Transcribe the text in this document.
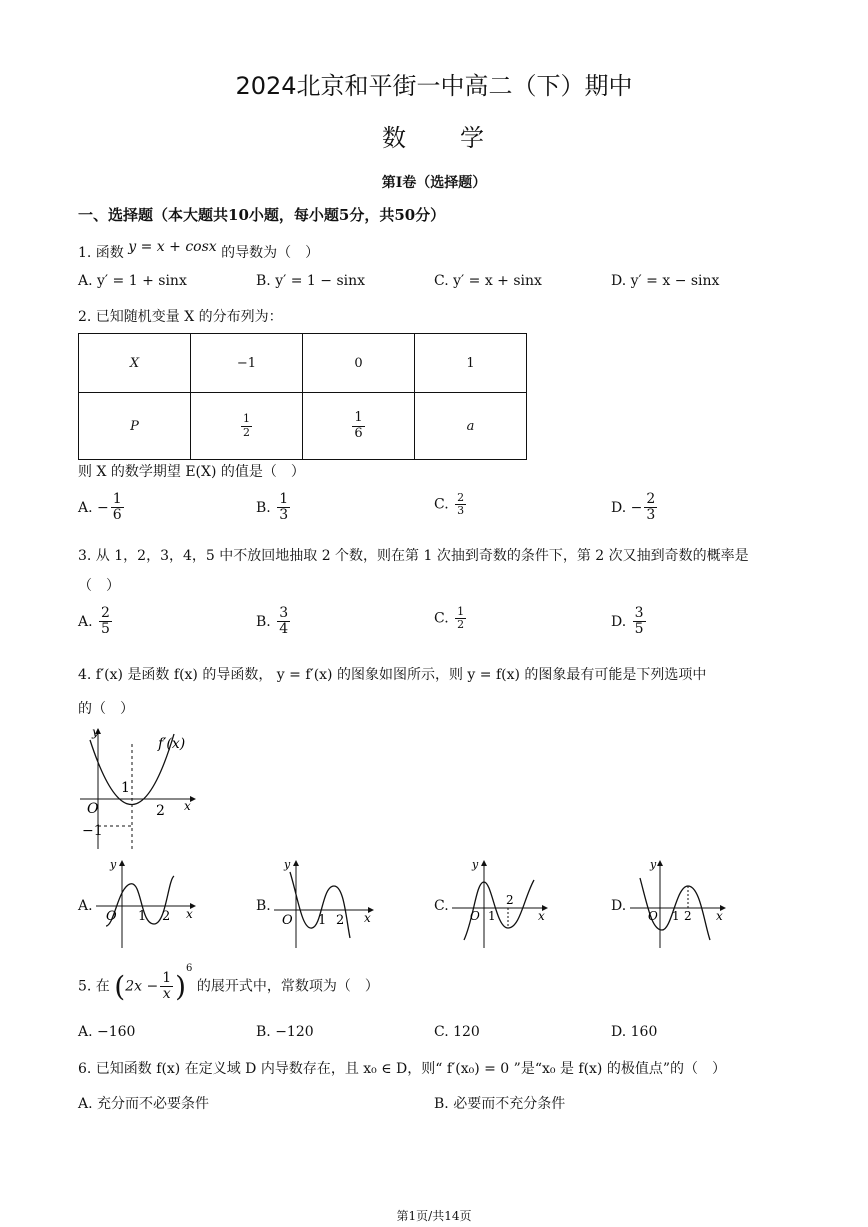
2024北京和平街一中高二（下）期中
数　　学
第Ⅰ卷（选择题）
一、选择题（本大题共10小题，每小题5分，共50分）
1. 函数 y = x + cosx 的导数为（　）
A. y′ = 1 + sinx	B. y′ = 1 − sinx	C. y′ = x + sinx	D. y′ = x − sinx
2. 已知随机变量 X 的分布列为：
X	−1	0	1
P	$\frac{1}{2}$	$\frac{1}{6}$	a
则 X 的数学期望 E(X) 的值是（　）
A. − $\frac{1}{6}$	B. $\frac{1}{3}$	C. $\frac{2}{3}$	D. − $\frac{2}{3}$
3. 从 1，2，3，4，5 中不放回地抽取 2 个数，则在第 1 次抽到奇数的条件下，第 2 次又抽到奇数的概率是
（　）
A. $\frac{2}{5}$	B. $\frac{3}{4}$	C. $\frac{1}{2}$	D. $\frac{3}{5}$
4. f′(x) 是函数 f(x) 的导函数， y = f′(x) 的图象如图所示，则 y = f(x) 的图象最有可能是下列选项中
的（　）
y
f′(x)
x
O
1
2
−1
A.
y
x
O 1 2
B.
y
x
O 1 2
C.
y
x
O 1
2	D.
y
x
O 1 2
5. 在 $(2x - \frac{1}{x} )^6$ 的展开式中，常数项为（　）
A. −160	B. −120	C. 120	D. 160
6. 已知函数 f(x) 在定义域 D 内导数存在，且 x₀ ∈ D，则“ f′(x₀) = 0 ”是“x₀ 是 f(x) 的极值点”的（　）
A. 充分而不必要条件	B. 必要而不充分条件
第1页/共14页
